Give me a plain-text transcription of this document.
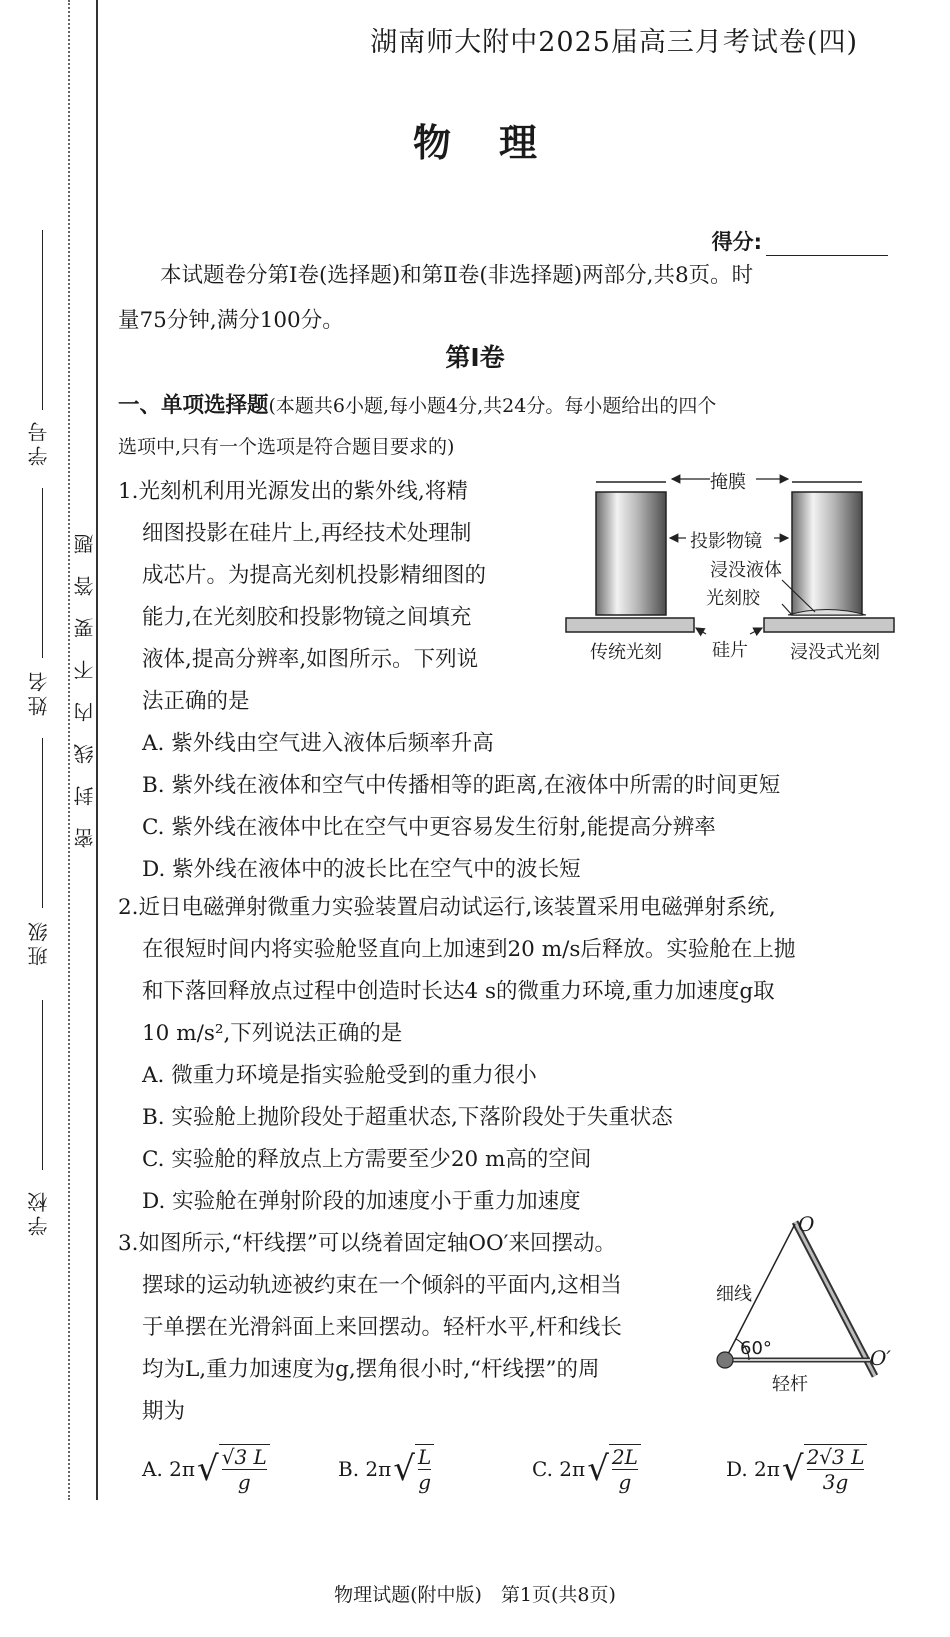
学号
姓名
班级
学校
密封线内不要答题
湖南师大附中2025届高三月考试卷(四)
物理
得分:
本试题卷分第Ⅰ卷(选择题)和第Ⅱ卷(非选择题)两部分,共8页。时
量75分钟,满分100分。
第Ⅰ卷
一、单项选择题(本题共6小题,每小题4分,共24分。每小题给出的四个
选项中,只有一个选项是符合题目要求的)
1.光刻机利用光源发出的紫外线,将精
细图投影在硅片上,再经技术处理制
成芯片。为提高光刻机投影精细图的
能力,在光刻胶和投影物镜之间填充
液体,提高分辨率,如图所示。下列说
法正确的是
A. 紫外线由空气进入液体后频率升高
B. 紫外线在液体和空气中传播相等的距离,在液体中所需的时间更短
C. 紫外线在液体中比在空气中更容易发生衍射,能提高分辨率
D. 紫外线在液体中的波长比在空气中的波长短
掩膜
投影物镜
浸没液体
光刻胶
硅片
传统光刻	浸没式光刻
2.近日电磁弹射微重力实验装置启动试运行,该装置采用电磁弹射系统,
在很短时间内将实验舱竖直向上加速到20 m/s后释放。实验舱在上抛
和下落回释放点过程中创造时长达4 s的微重力环境,重力加速度g取
10 m/s²,下列说法正确的是
A. 微重力环境是指实验舱受到的重力很小
B. 实验舱上抛阶段处于超重状态,下落阶段处于失重状态
C. 实验舱的释放点上方需要至少20 m高的空间
D. 实验舱在弹射阶段的加速度小于重力加速度
3.如图所示,“杆线摆”可以绕着固定轴OO′来回摆动。
摆球的运动轨迹被约束在一个倾斜的平面内,这相当
于单摆在光滑斜面上来回摆动。轻杆水平,杆和线长
均为L,重力加速度为g,摆角很小时,“杆线摆”的周
期为
O
O′
细线
60°
轻杆
A. $2\pi√ \frac{√3 L}{g}$	B. $2\pi√ \frac{L}{g}$	C. $2\pi√ \frac{2L}{g}$	D. $2\pi√ \frac{2√3 L}{3g}$
物理试题(附中版)　第1页(共8页)
